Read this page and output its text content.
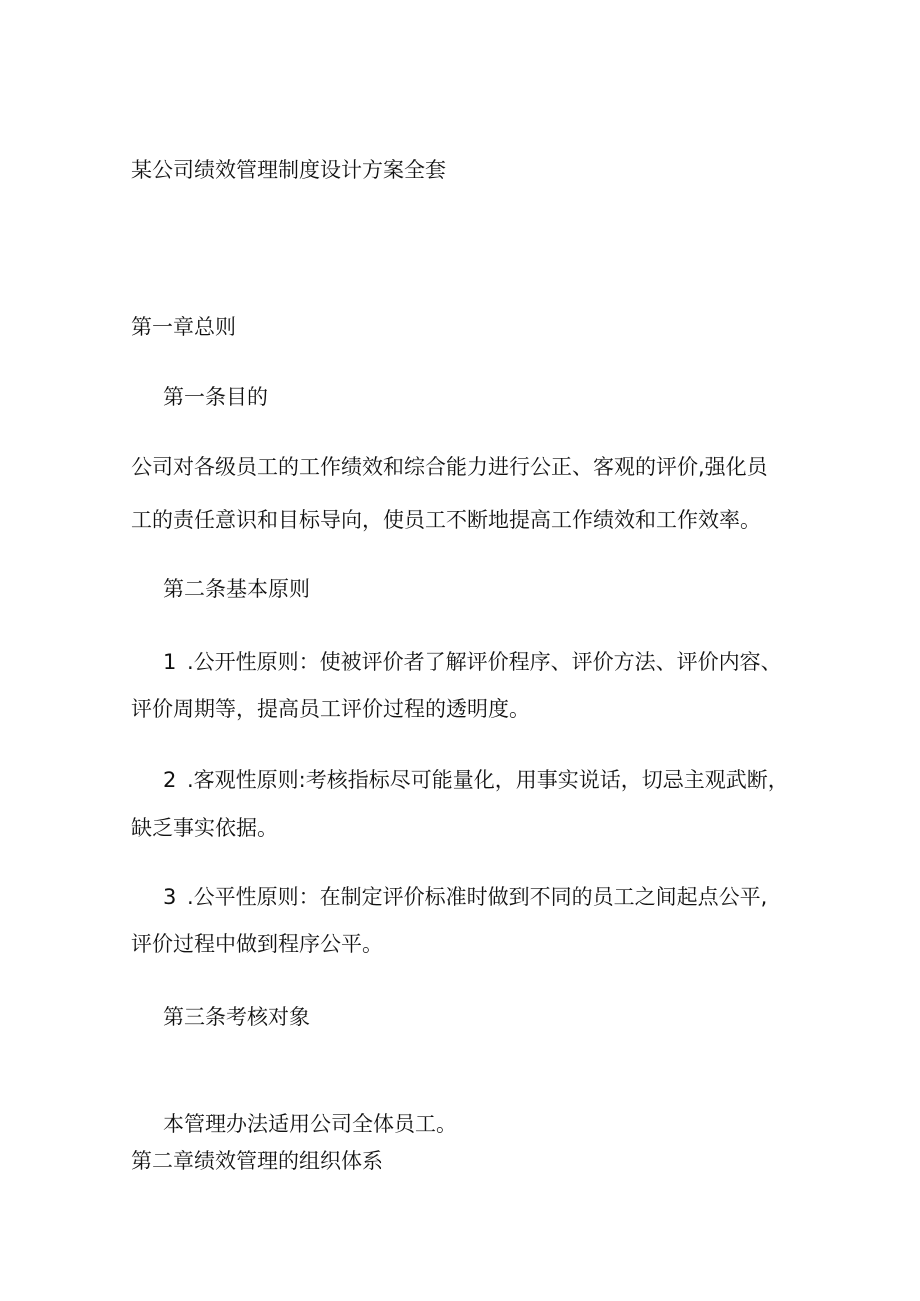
某公司绩效管理制度设计方案全套

第一章总则

第一条目的

公司对各级员工的工作绩效和综合能力进行公正、客观的评价,强化员

工的责任意识和目标导向，使员工不断地提高工作绩效和工作效率。

第二条基本原则

1 .公开性原则：使被评价者了解评价程序、评价方法、评价内容、

评价周期等，提高员工评价过程的透明度。

2 .客观性原则:考核指标尽可能量化，用事实说话，切忌主观武断，

缺乏事实依据。

3 .公平性原则：在制定评价标准时做到不同的员工之间起点公平,

评价过程中做到程序公平。

第三条考核对象

本管理办法适用公司全体员工。

第二章绩效管理的组织体系
